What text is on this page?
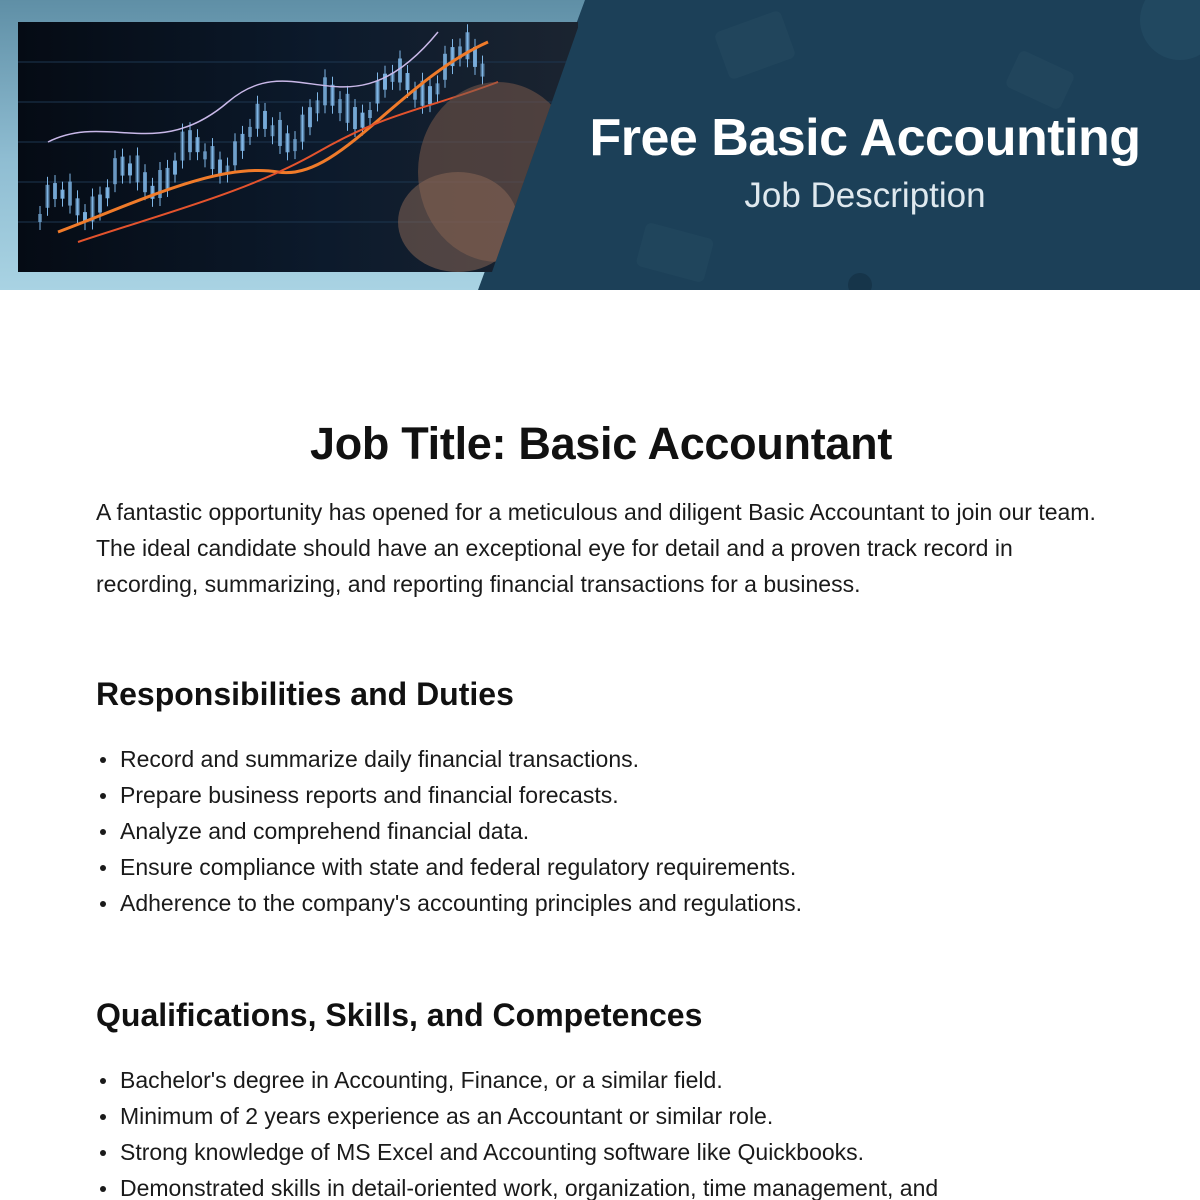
Free Basic Accounting
Job Description
Job Title: Basic Accountant

A fantastic opportunity has opened for a meticulous and diligent Basic Accountant to join our team. The ideal candidate should have an exceptional eye for detail and a proven track record in recording, summarizing, and reporting financial transactions for a business.

Responsibilities and Duties
Record and summarize daily financial transactions.
Prepare business reports and financial forecasts.
Analyze and comprehend financial data.
Ensure compliance with state and federal regulatory requirements.
Adherence to the company's accounting principles and regulations.
Qualifications, Skills, and Competences
Bachelor's degree in Accounting, Finance, or a similar field.
Minimum of 2 years experience as an Accountant or similar role.
Strong knowledge of MS Excel and Accounting software like Quickbooks.
Demonstrated skills in detail-oriented work, organization, time management, and
